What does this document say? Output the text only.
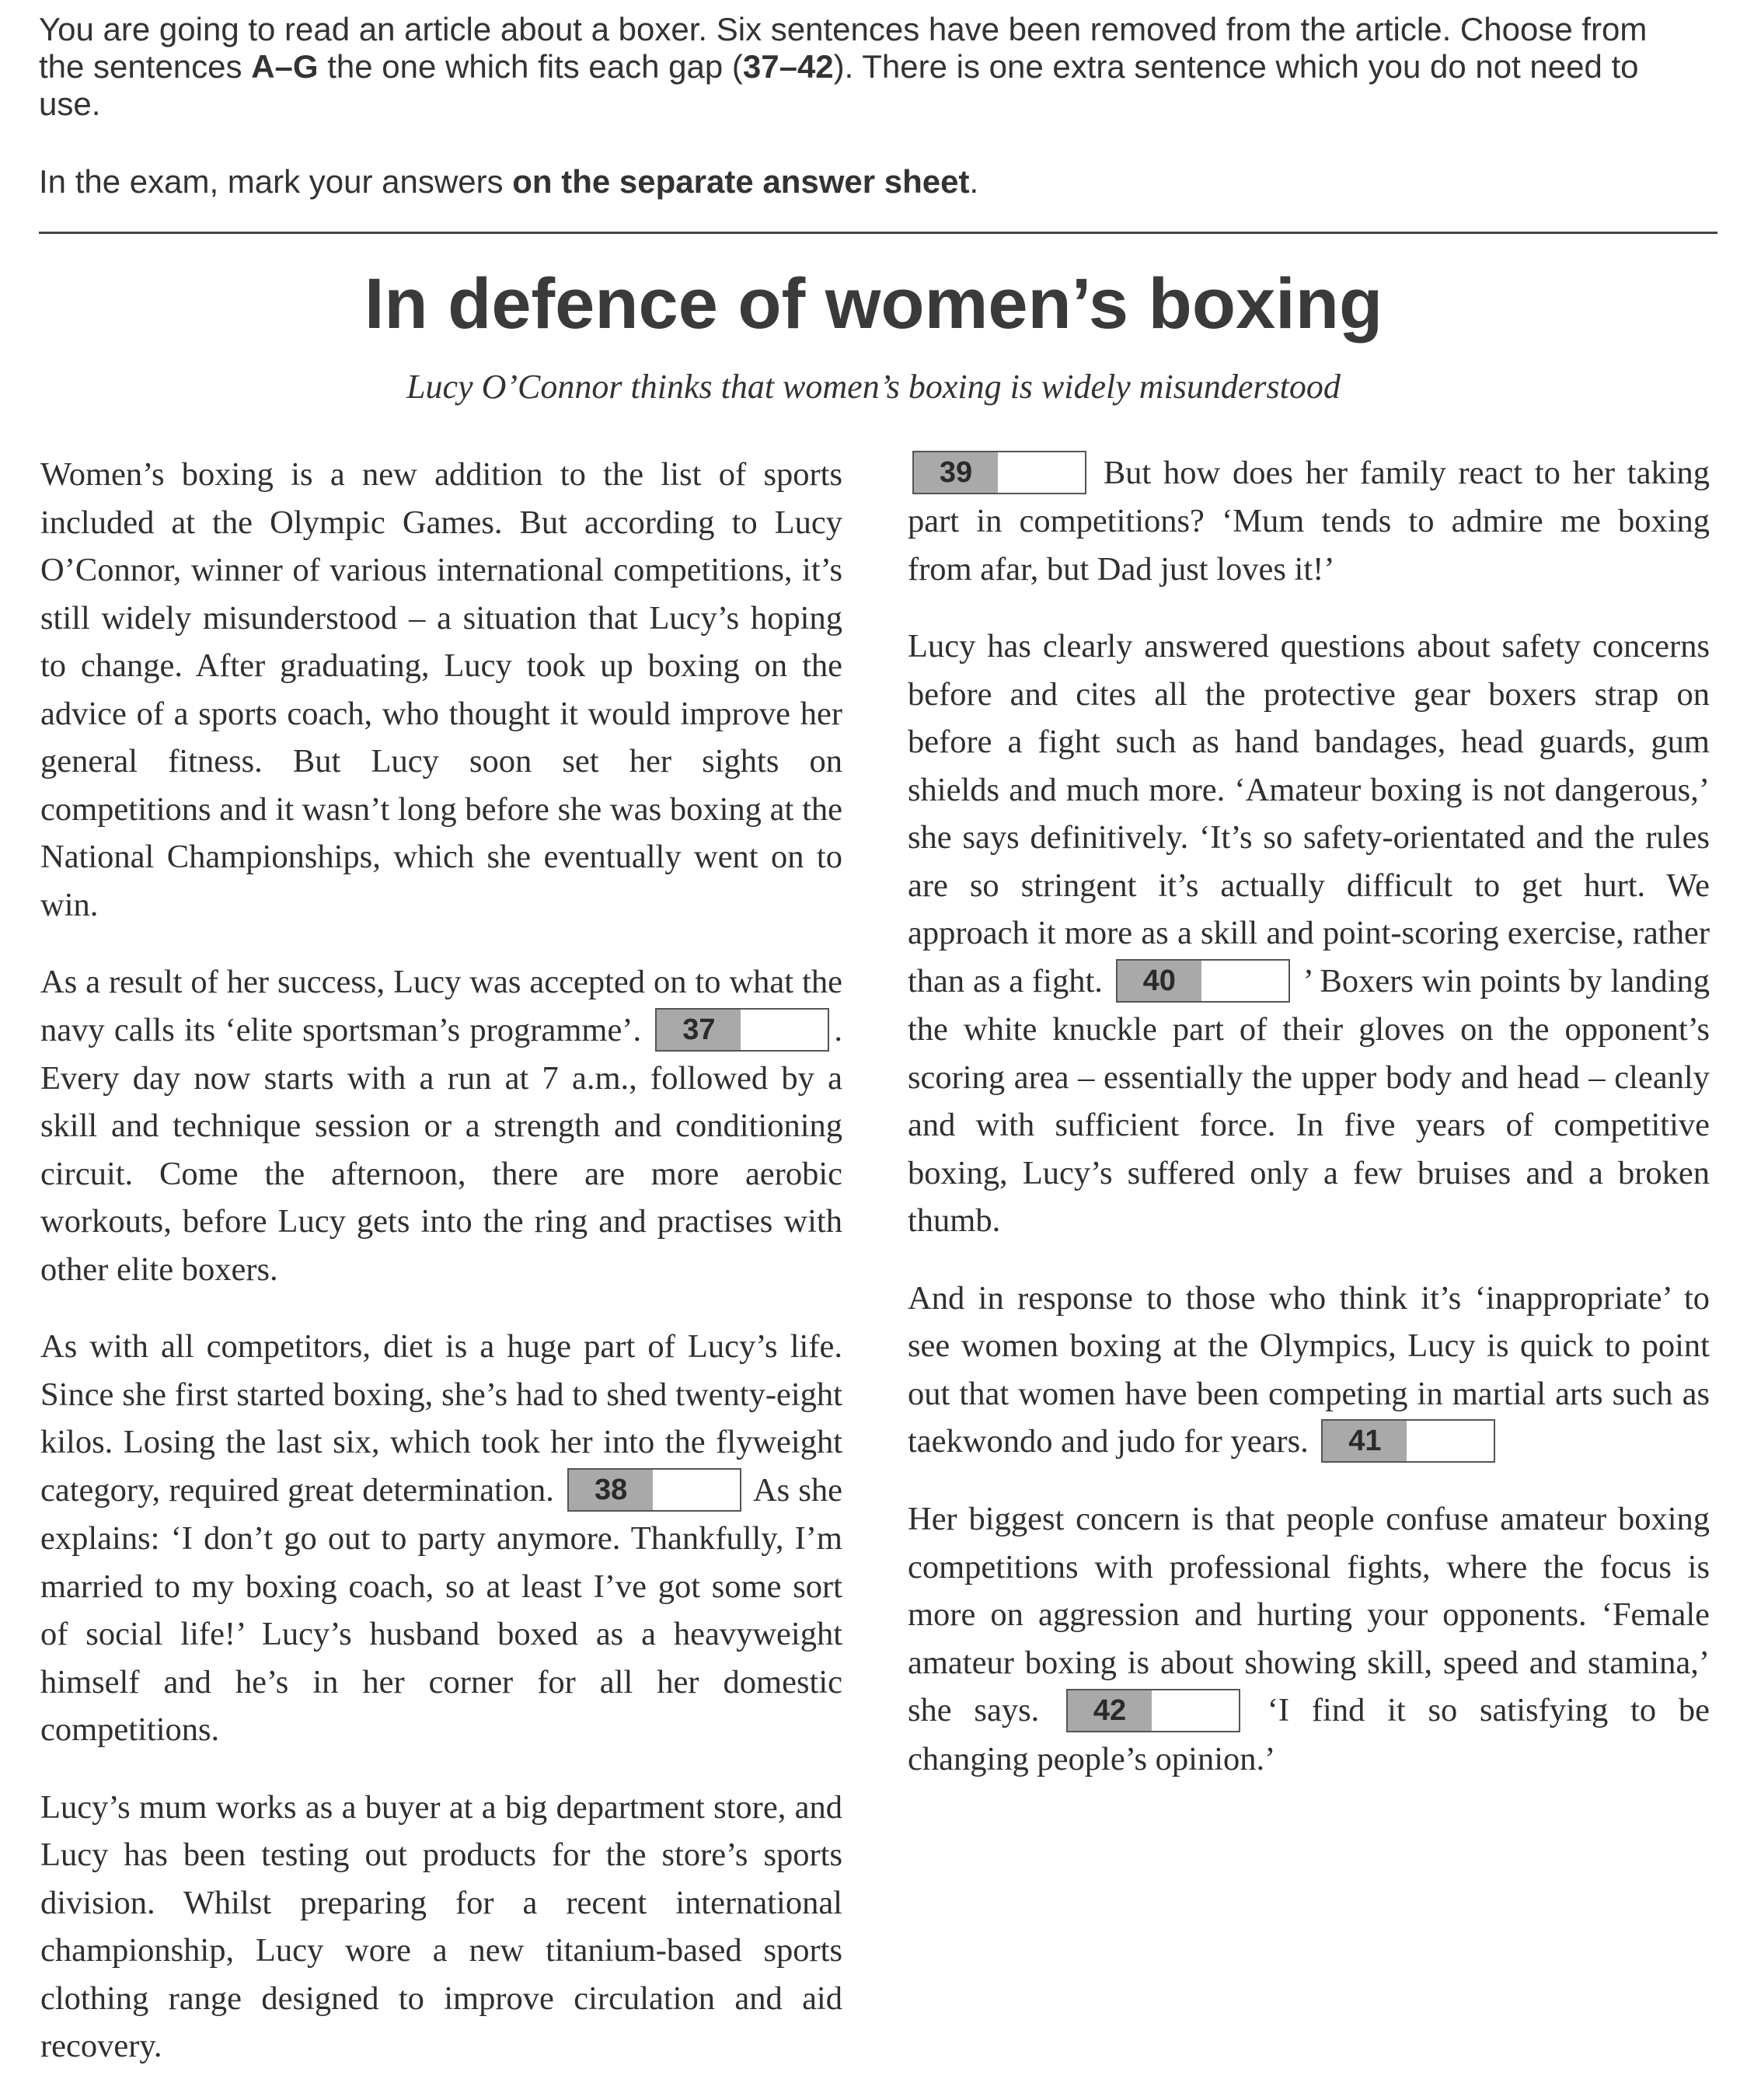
You are going to read an article about a boxer. Six sentences have been removed from the article. Choose from the sentences A–G the one which fits each gap (37–42). There is one extra sentence which you do not need to use.

In the exam, mark your answers on the separate answer sheet.

In defence of women’s boxing

Lucy O’Connor thinks that women’s boxing is widely misunderstood

Women’s boxing is a new addition to the list of sports included at the Olympic Games. But according to Lucy O’Connor, winner of various international competitions, it’s still widely misunderstood – a situation that Lucy’s hoping to change. After graduating, Lucy took up boxing on the advice of a sports coach, who thought it would improve her general fitness. But Lucy soon set her sights on competitions and it wasn’t long before she was boxing at the National Championships, which she eventually went on to win.

As a result of her success, Lucy was accepted on to what the navy calls its ‘elite sportsman’s programme’. 37	. Every day now starts with a run at 7 a.m., followed by a skill and technique session or a strength and conditioning circuit. Come the afternoon, there are more aerobic workouts, before Lucy gets into the ring and practises with other elite boxers.

As with all competitors, diet is a huge part of Lucy’s life. Since she first started boxing, she’s had to shed twenty-eight kilos. Losing the last six, which took her into the flyweight category, required great determination. 38	As she explains: ‘I don’t go out to party anymore. Thankfully, I’m married to my boxing coach, so at least I’ve got some sort of social life!’ Lucy’s husband boxed as a heavyweight himself and he’s in her corner for all her domestic competitions.

Lucy’s mum works as a buyer at a big department store, and Lucy has been testing out products for the store’s sports division. Whilst preparing for a recent international championship, Lucy wore a new titanium-based sports clothing range designed to improve circulation and aid recovery.

39	But how does her family react to her taking part in competitions? ‘Mum tends to admire me boxing from afar, but Dad just loves it!’

Lucy has clearly answered questions about safety concerns before and cites all the protective gear boxers strap on before a fight such as hand bandages, head guards, gum shields and much more. ‘Amateur boxing is not dangerous,’ she says definitively. ‘It’s so safety-orientated and the rules are so stringent it’s actually difficult to get hurt. We approach it more as a skill and point-scoring exercise, rather than as a fight. 40	’ Boxers win points by landing the white knuckle part of their gloves on the opponent’s scoring area – essentially the upper body and head – cleanly and with sufficient force. In five years of competitive boxing, Lucy’s suffered only a few bruises and a broken thumb.

And in response to those who think it’s ‘inappropriate’ to see women boxing at the Olympics, Lucy is quick to point out that women have been competing in martial arts such as taekwondo and judo for years. 41

Her biggest concern is that people confuse amateur boxing competitions with professional fights, where the focus is more on aggression and hurting your opponents. ‘Female amateur boxing is about showing skill, speed and stamina,’ she says. 42	‘I find it so satisfying to be changing people’s opinion.’
